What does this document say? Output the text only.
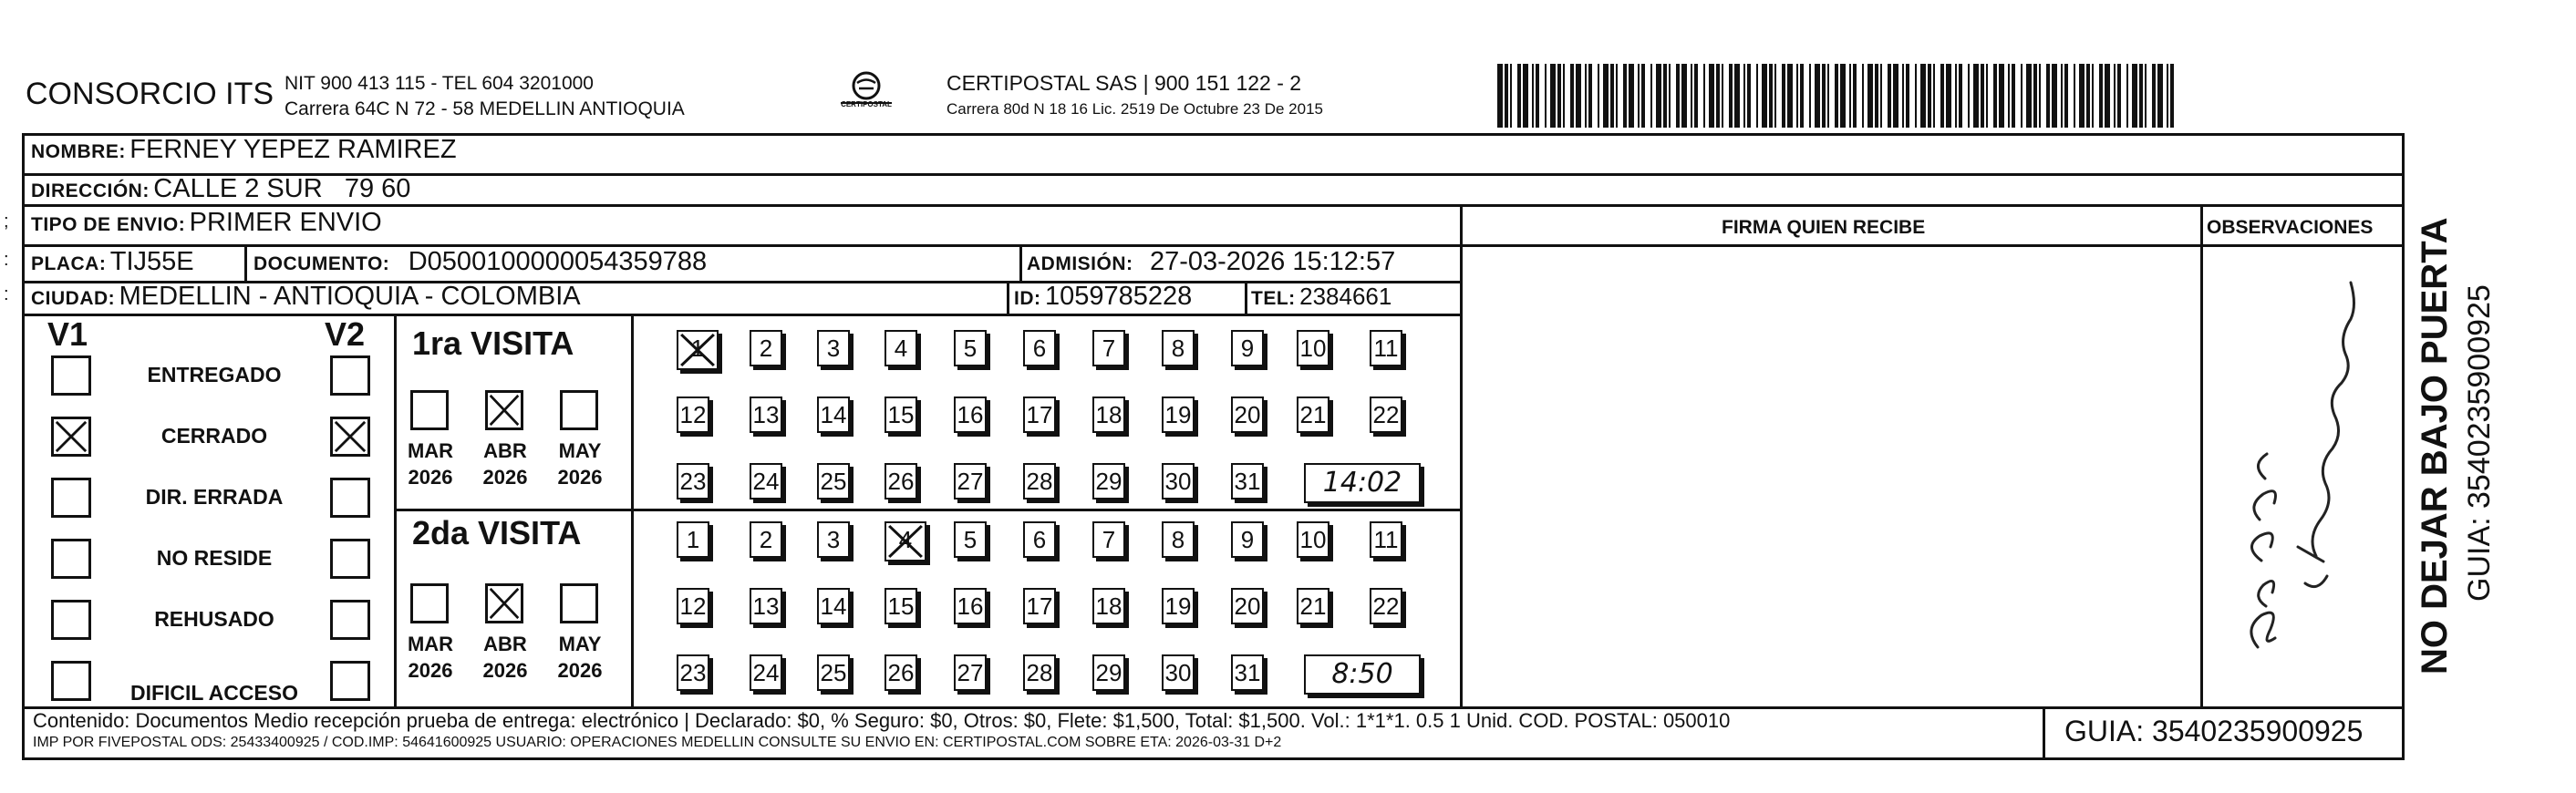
CONSORCIO ITS NIT 900 413 115 - TEL 604 3201000
Carrera 64C N 72 - 58 MEDELLIN ANTIOQUIA	CERTIPOSTAL
CERTIPOSTAL SAS | 900 151 122 - 2
Carrera 80d N 18 16 Lic. 2519 De Octubre 23 De 2015
NOMBRE: FERNEY YEPEZ RAMIREZ
DIRECCIÓN: CALLE 2 SUR   79 60
TIPO DE ENVIO: PRIMER ENVIO	FIRMA QUIEN RECIBE	OBSERVACIONES
PLACA: TIJ55E	DOCUMENTO: D0500100000054359788	ADMISIÓN: 27-03-2026 15:12:57
CIUDAD: MEDELLIN - ANTIOQUIA - COLOMBIA	ID: 1059785228	TEL: 2384661
V1	V2
ENTREGADO
CERRADO
DIR. ERRADA
NO RESIDE
REHUSADO
DIFICIL ACCESO
1ra VISITA
2da VISITA
MAR
2026
ABR
2026
MAY
2026
MAR
2026
ABR
2026
MAY
2026
1	2	3	4	5	6	7	8	9	10 11
12 13 14 15 16 17 18 19 20 21 22
23 24 25 26 27 28 29 30 31	14:02
1	2	3	4	5	6	7	8	9	10 11
12 13 14 15 16 17 18 19 20 21 22
23 24 25 26 27 28 29 30 31	8:50
Contenido: Documentos Medio recepción prueba de entrega: electrónico | Declarado: $0, % Seguro: $0, Otros: $0, Flete: $1,500, Total: $1,500. Vol.: 1*1*1. 0.5 1 Unid. COD. POSTAL: 050010
IMP POR FIVEPOSTAL ODS: 25433400925 / COD.IMP: 54641600925 USUARIO: OPERACIONES MEDELLIN CONSULTE SU ENVIO EN: CERTIPOSTAL.COM SOBRE ETA: 2026-03-31 D+2	GUIA: 3540235900925
NO DEJAR BAJO PUERTA GUIA: 3540235900925
;
:
:
